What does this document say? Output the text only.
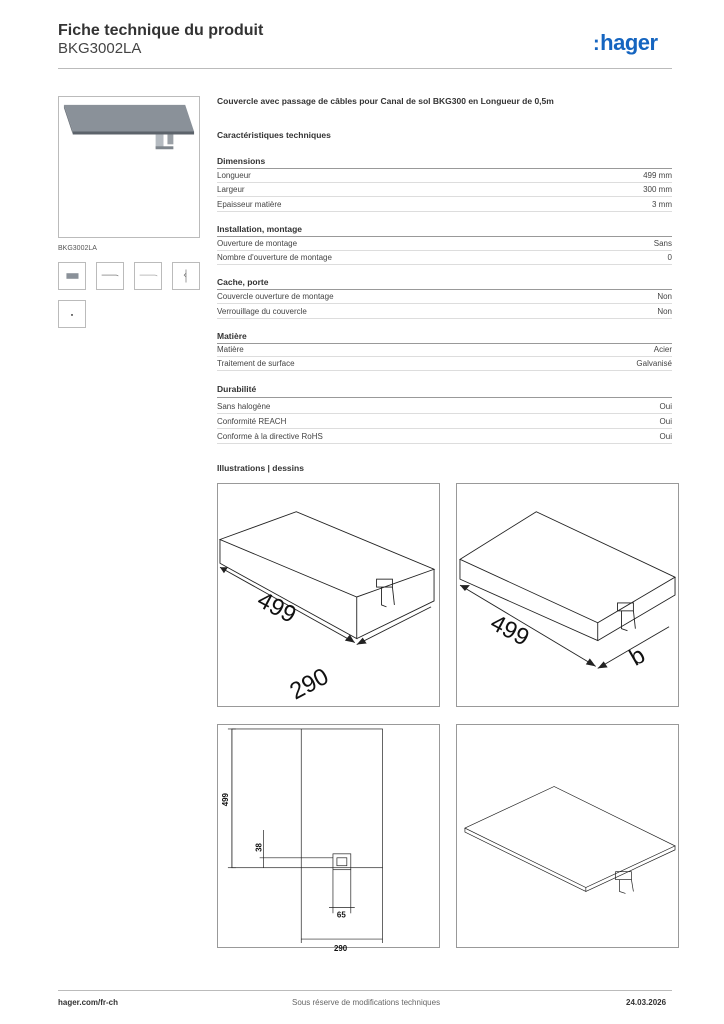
Fiche technique du produit
BKG3002LA	:hager
BKG3002LA
Couvercle avec passage de câbles pour Canal de sol BKG300 en Longueur de 0,5m
Caractéristiques techniques
Dimensions
Longueur	499 mm
Largeur	300 mm
Epaisseur matière	3 mm
Installation, montage
Ouverture de montage	Sans
Nombre d'ouverture de montage	0
Cache, porte
Couvercle ouverture de montage	Non
Verrouillage du couvercle	Non
Matière
Matière	Acier
Traitement de surface	Galvanisé
Durabilité
Sans halogène	Oui
Conformité REACH	Oui
Conforme à la directive RoHS	Oui
Illustrations | dessins
499
290
499
b
499
38
65
290
hager.com/fr-ch	Sous réserve de modifications techniques	24.03.2026
